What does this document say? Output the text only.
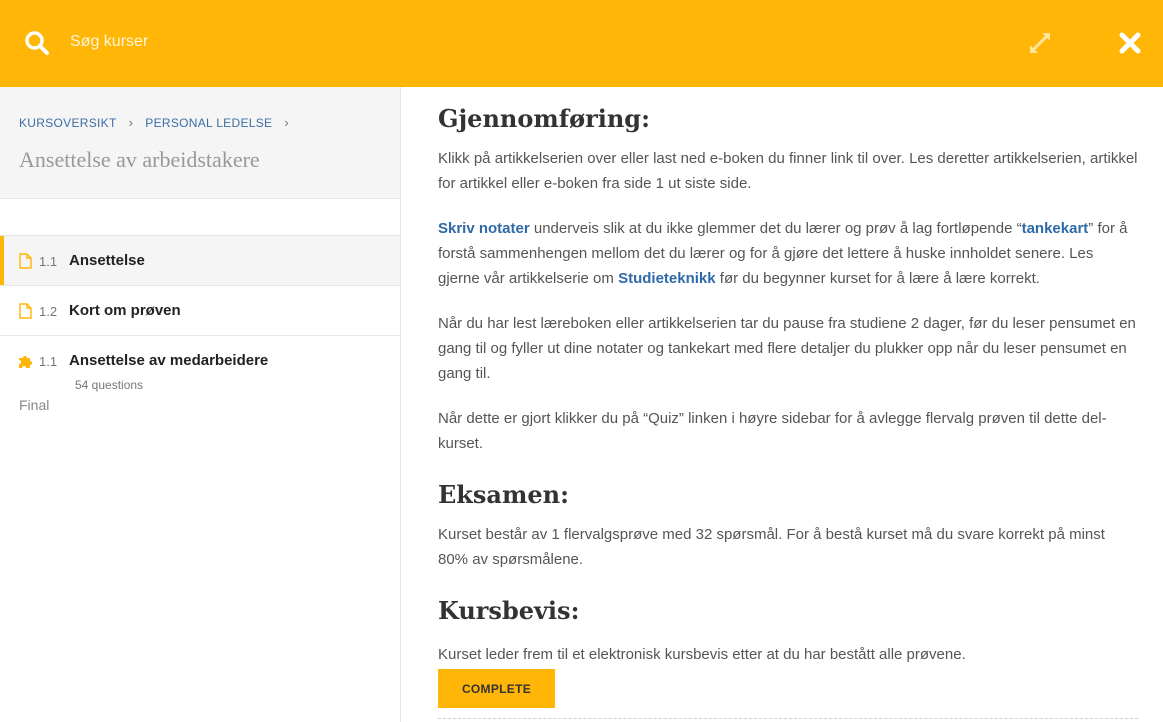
Søg kurser
KURSOVERSIKT › PERSONAL LEDELSE ›
Ansettelse av arbeidstakere
1.1 Ansettelse
1.2 Kort om prøven
1.1 Ansettelse av medarbeidere
54 questions
Final
Gjennomføring:

Klikk på artikkelserien over eller last ned e-boken du finner link til over. Les deretter artikkelserien, artikkel for artikkel eller e-boken fra side 1 ut siste side.

Skriv notater underveis slik at du ikke glemmer det du lærer og prøv å lag fortløpende “tankekart” for å forstå sammenhengen mellom det du lærer og for å gjøre det lettere å huske innholdet senere. Les gjerne vår artikkelserie om Studieteknikk før du begynner kurset for å lære å lære korrekt.

Når du har lest læreboken eller artikkelserien tar du pause fra studiene 2 dager, før du leser pensumet en gang til og fyller ut dine notater og tankekart med flere detaljer du plukker opp når du leser pensumet en gang til.

Når dette er gjort klikker du på “Quiz” linken i høyre sidebar for å avlegge flervalg prøven til dette del-kurset.

Eksamen:

Kurset består av 1 flervalgsprøve med 32 spørsmål. For å bestå kurset må du svare korrekt på minst 80% av spørsmålene.

Kursbevis:

Kurset leder frem til et elektronisk kursbevis etter at du har bestått alle prøvene.

COMPLETE
